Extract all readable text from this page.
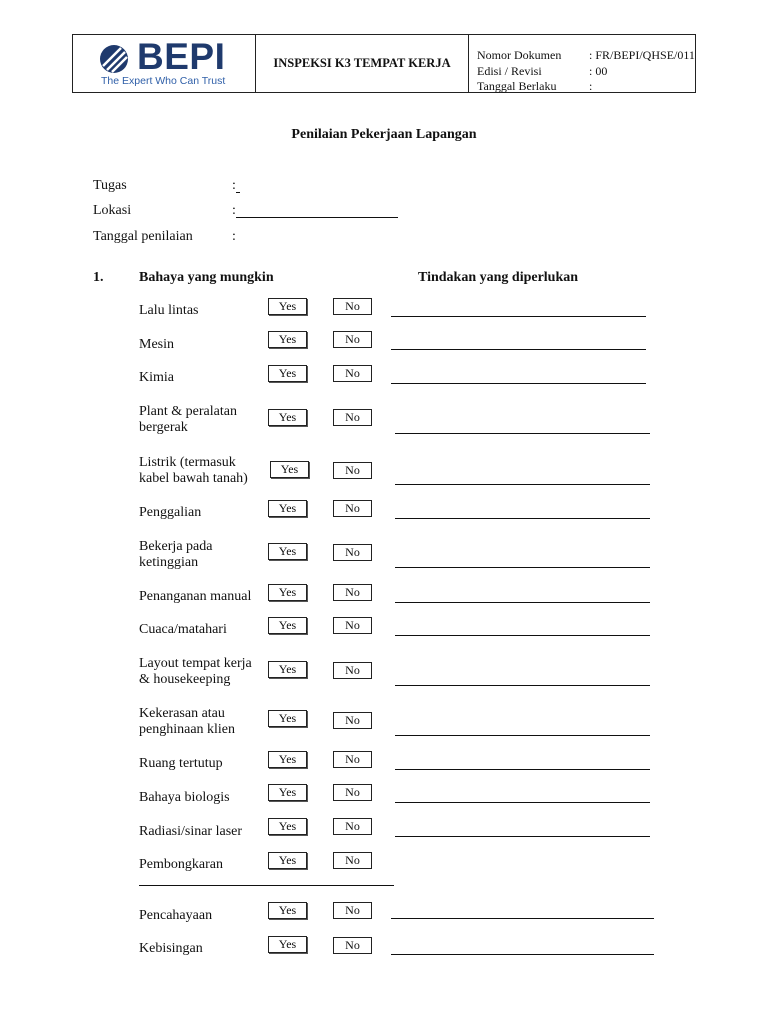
BEPI
The Expert Who Can Trust
INSPEKSI K3 TEMPAT KERJA
Nomor Dokumen	: FR/BEPI/QHSE/011
Edisi / Revisi	: 00
Tanggal Berlaku	:
Penilaian Pekerjaan Lapangan
Tugas	:
Lokasi	:
Tanggal penilaian	:
1.	Bahaya yang mungkin	Tindakan yang diperlukan
Lalu lintas	Yes	No
Mesin	Yes	No
Kimia	Yes	No
Plant & peralatan
bergerak
Yes	No
Listrik (termasuk
kabel bawah tanah)
Yes	No
Penggalian	Yes	No
Bekerja pada
ketinggian
Yes	No
Penanganan manual	Yes	No
Cuaca/matahari	Yes	No
Layout tempat kerja
& housekeeping
Yes	No
Kekerasan atau
penghinaan klien
Yes	No
Ruang tertutup	Yes	No
Bahaya biologis	Yes	No
Radiasi/sinar laser	Yes	No
Pembongkaran	Yes	No
Pencahayaan	Yes	No
Kebisingan	Yes	No
